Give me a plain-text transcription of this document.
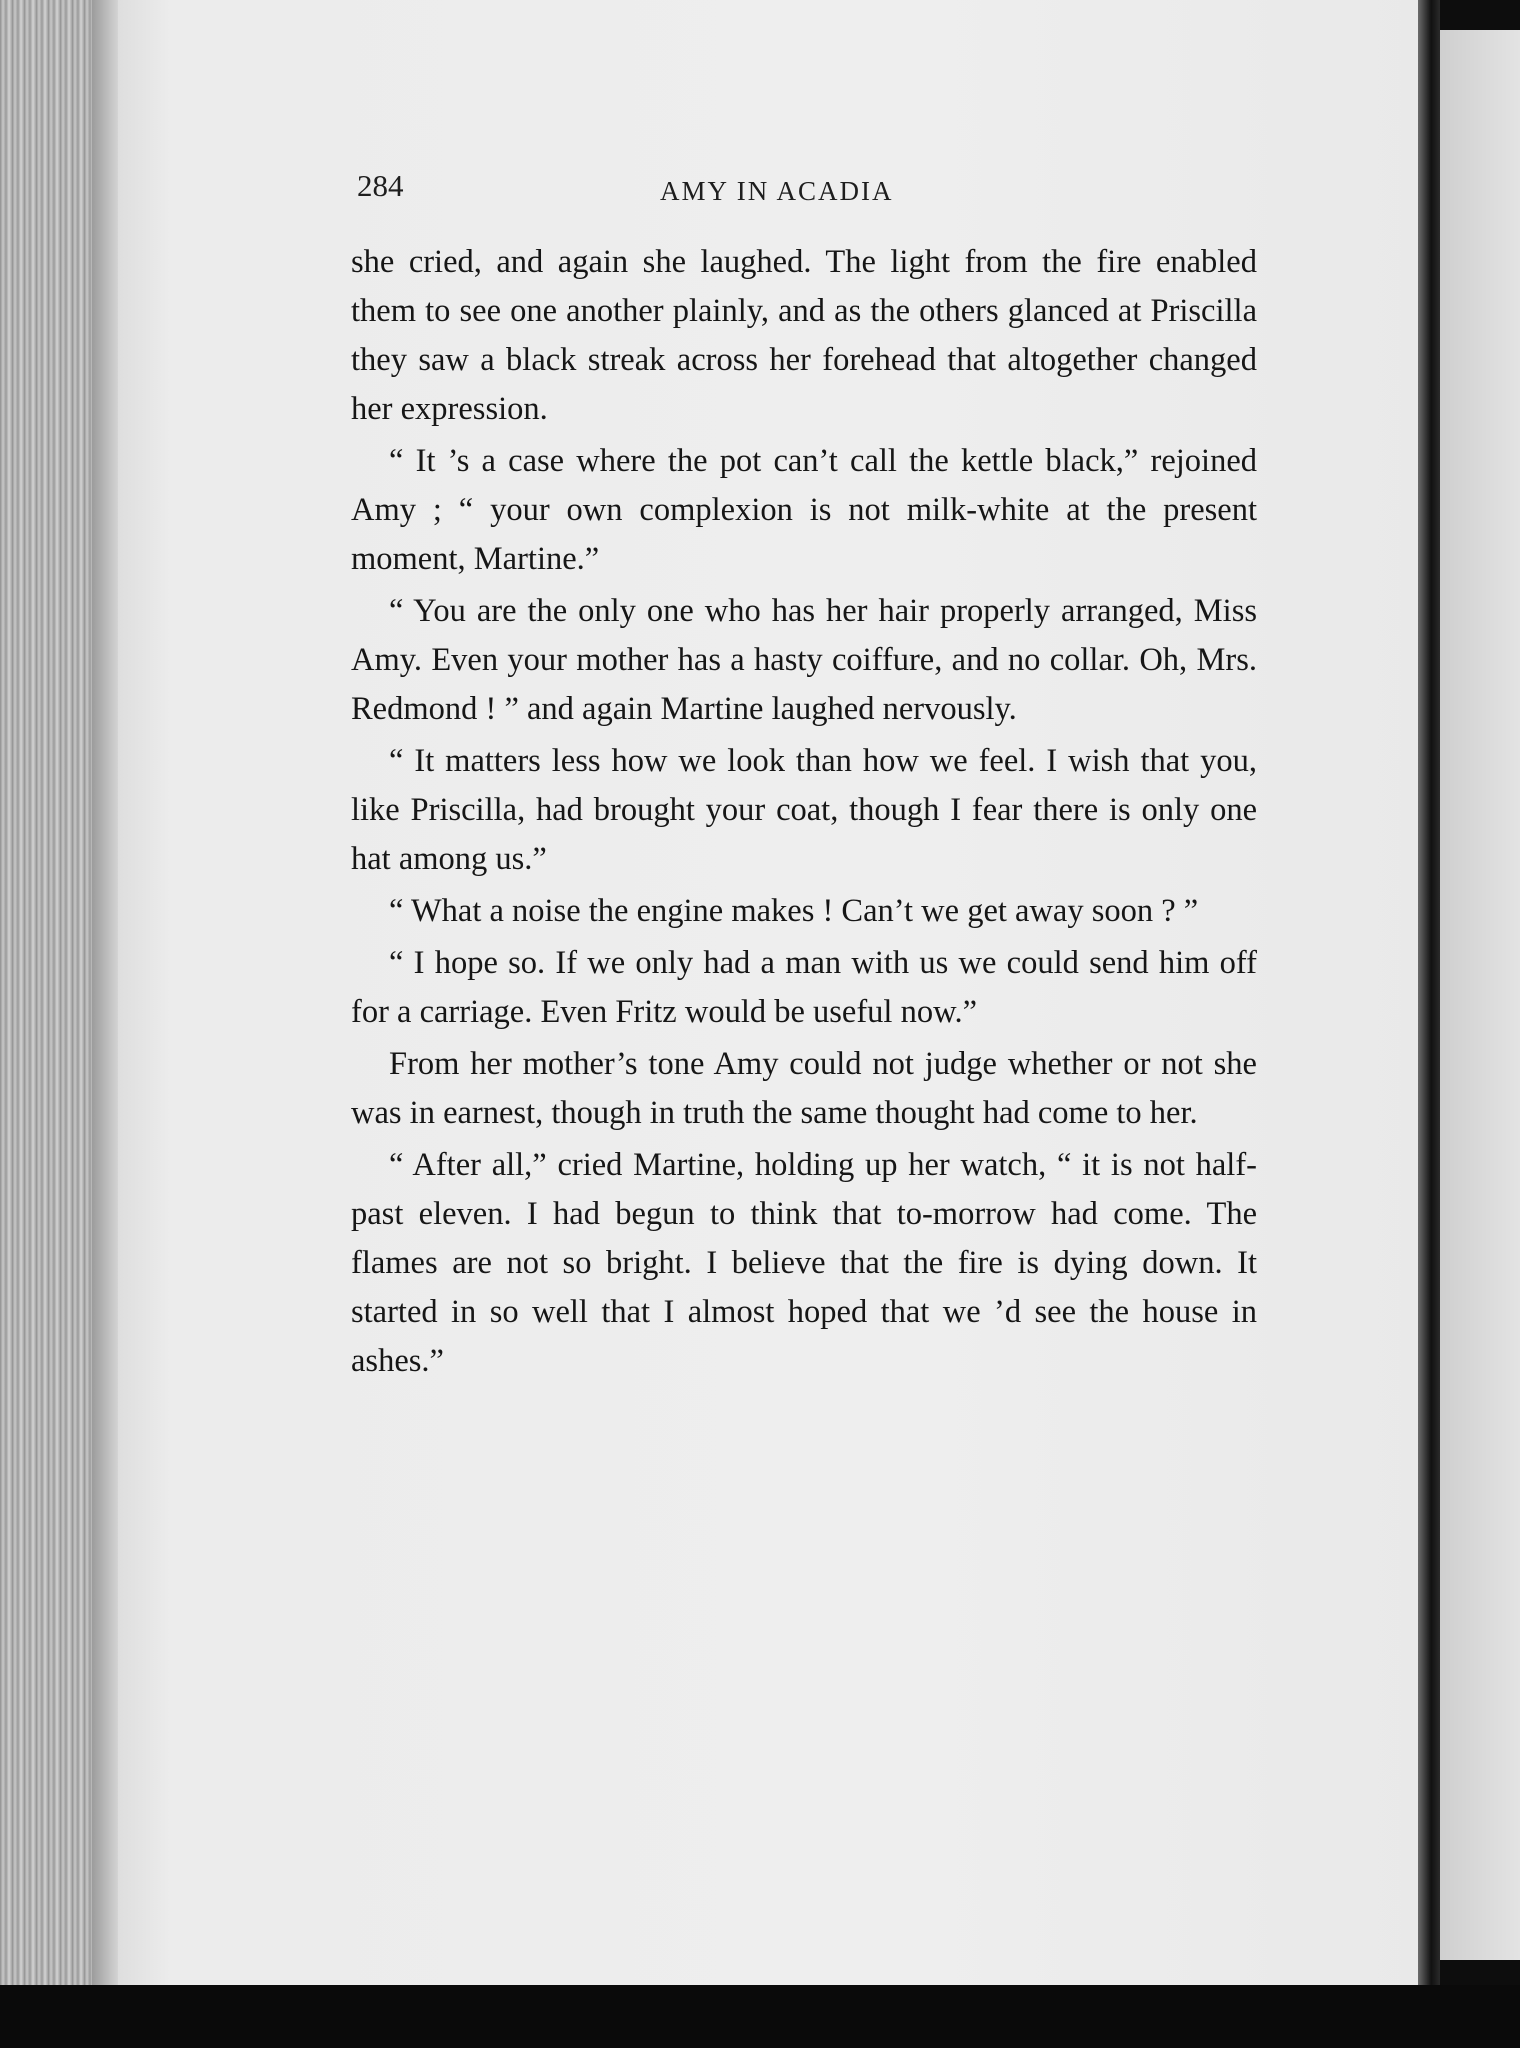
284	AMY IN ACADIA

she cried, and again she laughed. The light from the fire enabled them to see one another plainly, and as the others glanced at Priscilla they saw a black streak across her forehead that altogether changed her expression.

“ It ’s a case where the pot can’t call the kettle black,” rejoined Amy ; “ your own complexion is not milk-white at the present moment, Martine.”

“ You are the only one who has her hair properly arranged, Miss Amy. Even your mother has a hasty coiffure, and no collar. Oh, Mrs. Redmond ! ” and again Martine laughed nervously.

“ It matters less how we look than how we feel. I wish that you, like Priscilla, had brought your coat, though I fear there is only one hat among us.”

“ What a noise the engine makes ! Can’t we get away soon ? ”

“ I hope so. If we only had a man with us we could send him off for a carriage. Even Fritz would be useful now.”

From her mother’s tone Amy could not judge whether or not she was in earnest, though in truth the same thought had come to her.

“ After all,” cried Martine, holding up her watch, “ it is not half-past eleven. I had begun to think that to-morrow had come. The flames are not so bright. I believe that the fire is dying down. It started in so well that I almost hoped that we ’d see the house in ashes.”
